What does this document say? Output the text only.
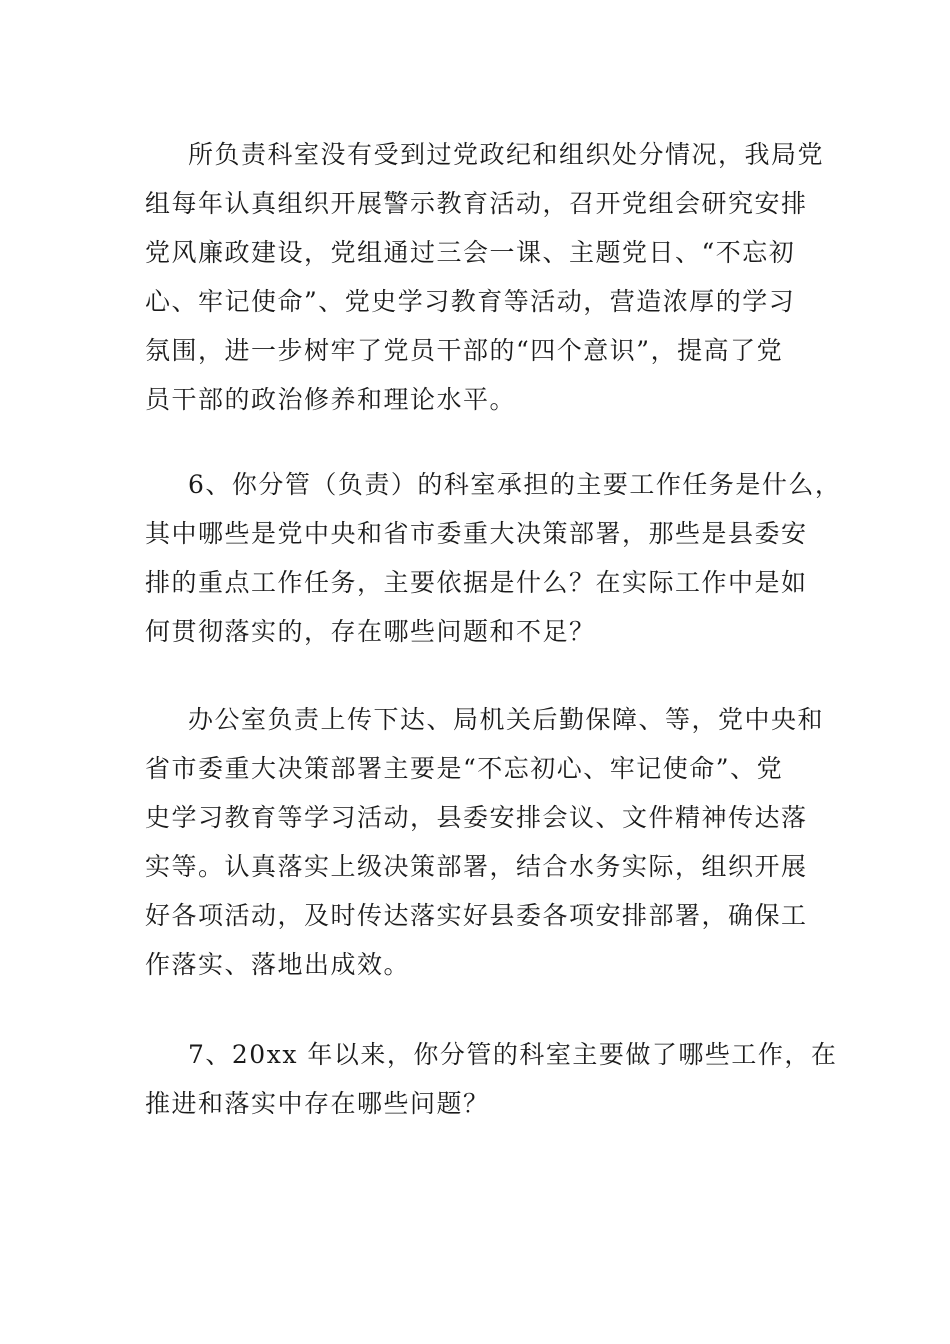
所负责科室没有受到过党政纪和组织处分情况，我局党
组每年认真组织开展警示教育活动，召开党组会研究安排
党风廉政建设，党组通过三会一课、主题党日、“不忘初
心、牢记使命”、党史学习教育等活动，营造浓厚的学习
氛围，进一步树牢了党员干部的“四个意识”，提高了党
员干部的政治修养和理论水平。

6、你分管（负责）的科室承担的主要工作任务是什么，
其中哪些是党中央和省市委重大决策部署，那些是县委安
排的重点工作任务，主要依据是什么？在实际工作中是如
何贯彻落实的，存在哪些问题和不足？

办公室负责上传下达、局机关后勤保障、等，党中央和
省市委重大决策部署主要是“不忘初心、牢记使命”、党
史学习教育等学习活动，县委安排会议、文件精神传达落
实等。认真落实上级决策部署，结合水务实际，组织开展
好各项活动，及时传达落实好县委各项安排部署，确保工
作落实、落地出成效。

7、20xx 年以来，你分管的科室主要做了哪些工作，在
推进和落实中存在哪些问题？
